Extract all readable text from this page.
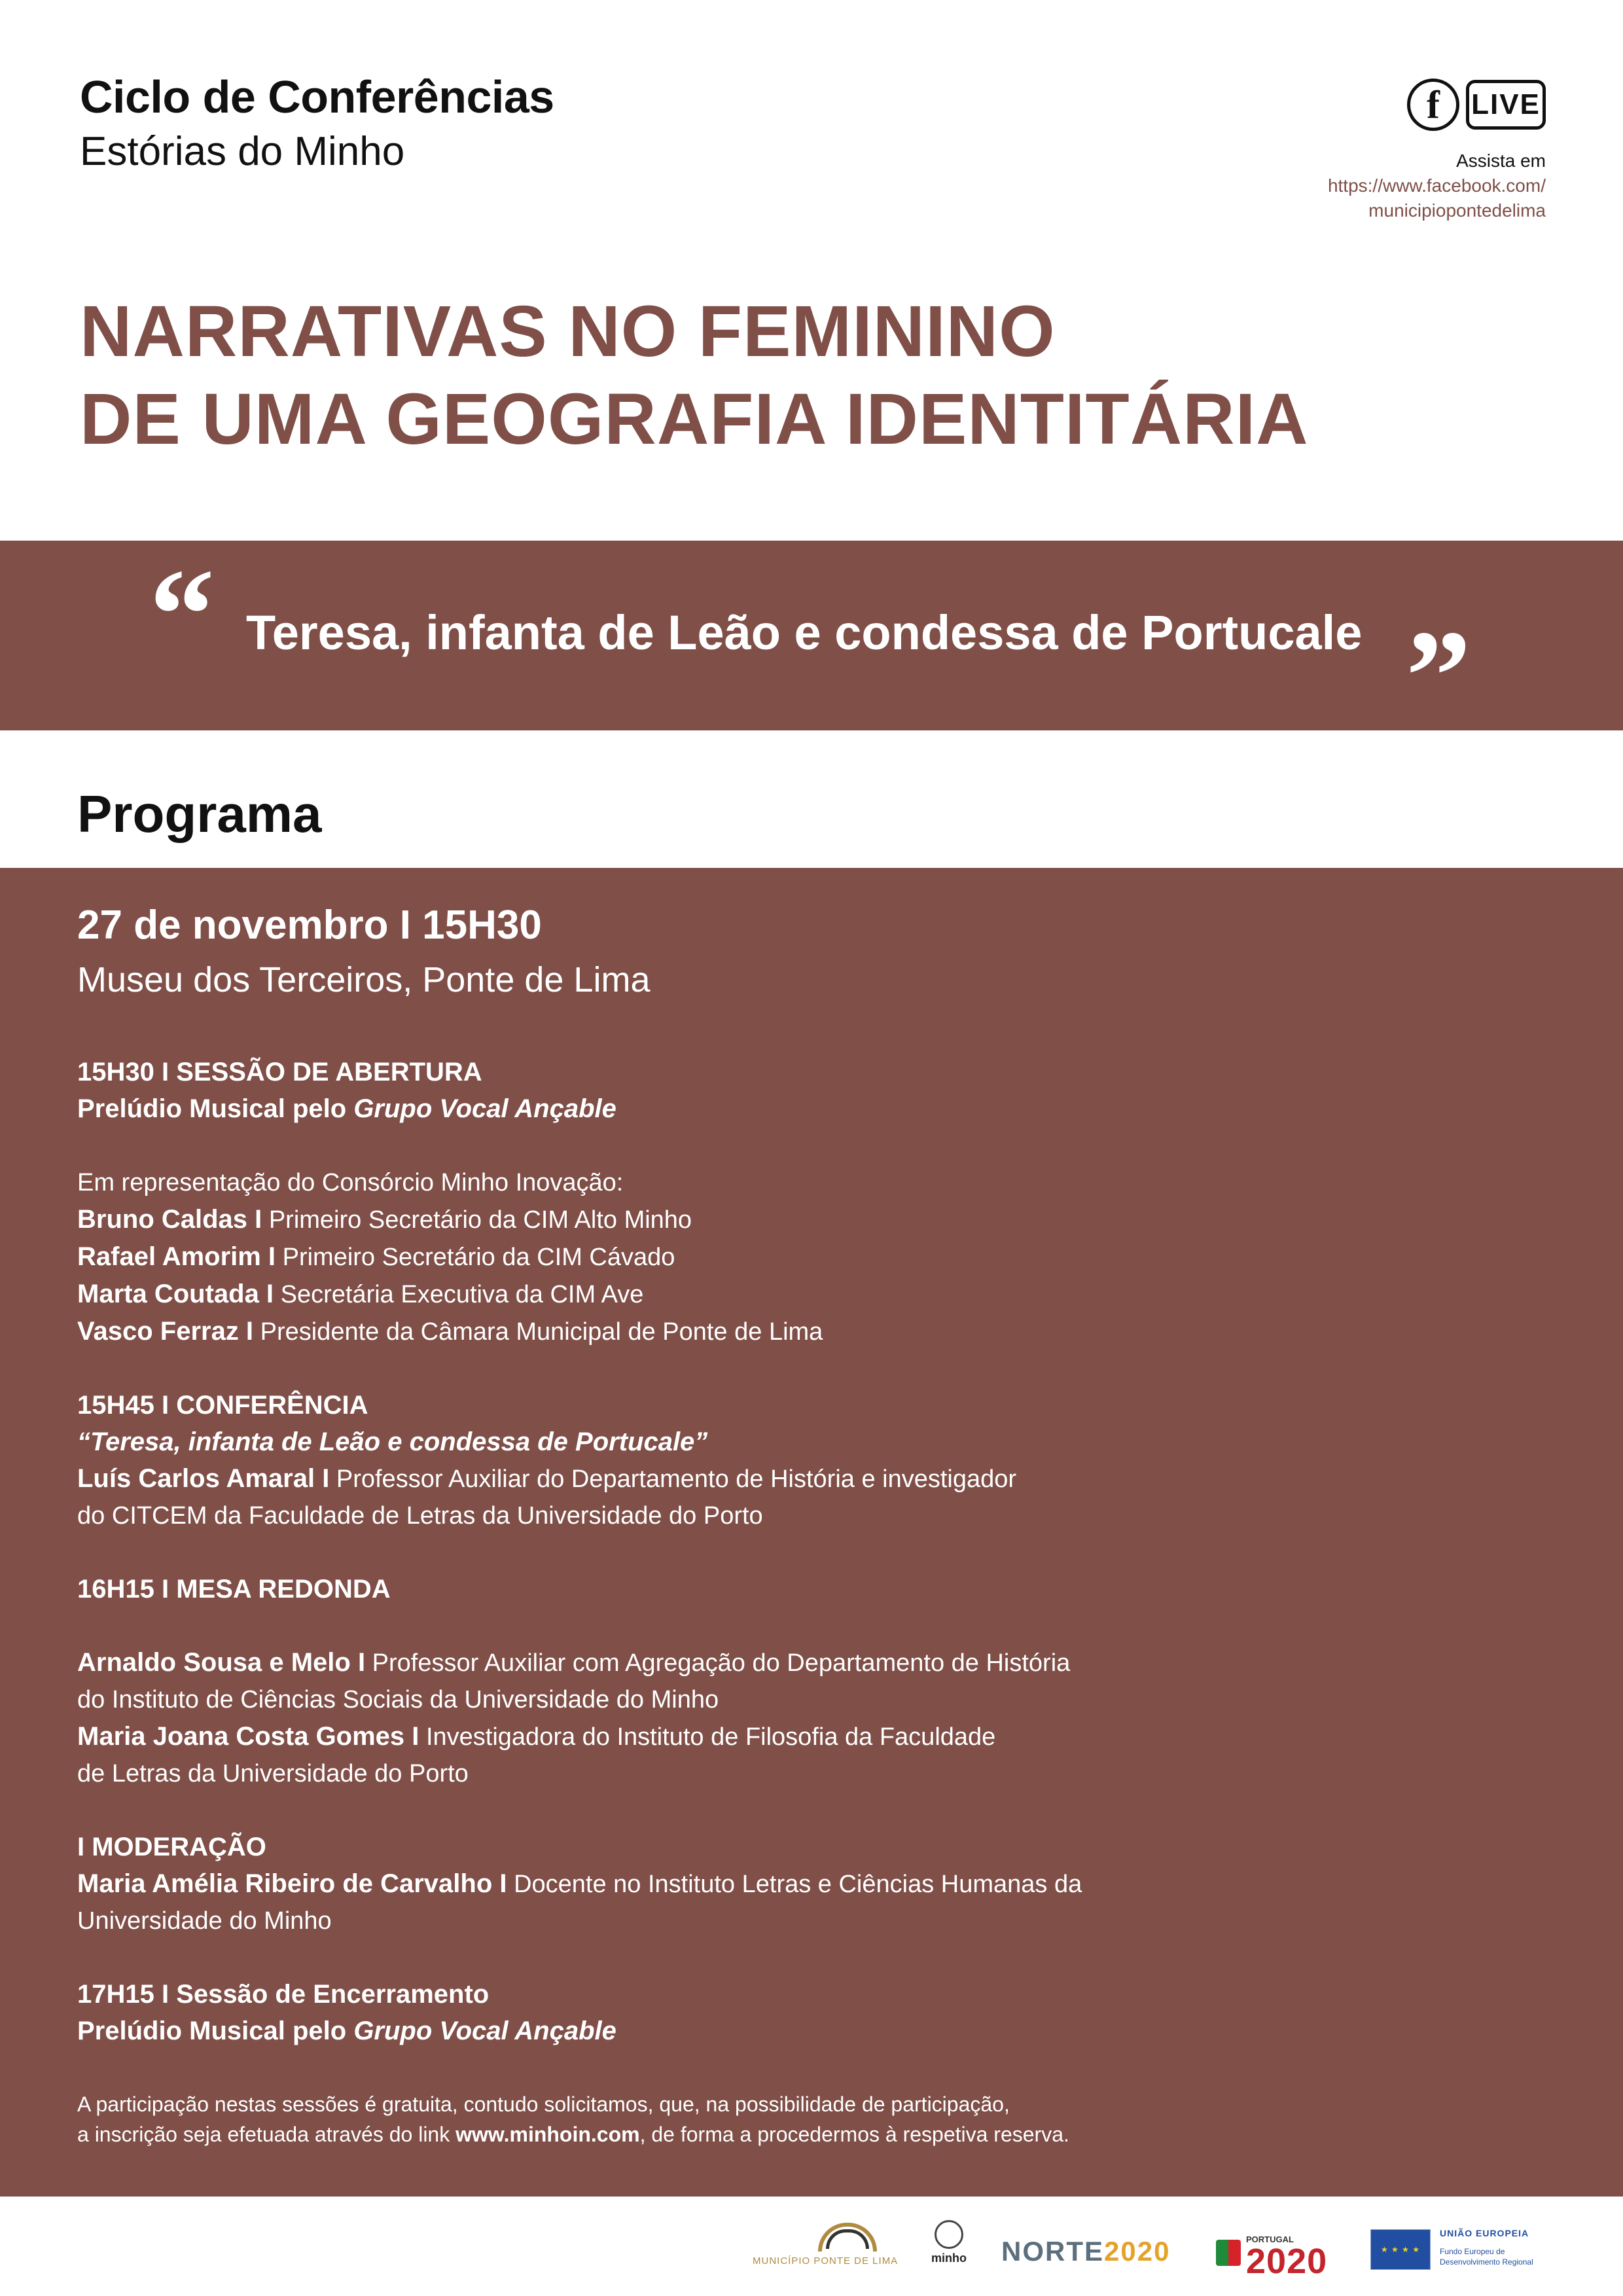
Ciclo de Conferências
Estórias do Minho
f	LIVE
Assista em
https://www.facebook.com/
municipiopontedelima
NARRATIVAS NO FEMININO
DE UMA GEOGRAFIA IDENTITÁRIA
“ Teresa, infanta de Leão e condessa de Portucale ”
Programa
27 de novembro I 15H30
Museu dos Terceiros, Ponte de Lima
15H30 I SESSÃO DE ABERTURA
Prelúdio Musical pelo Grupo Vocal Ançable
Em representação do Consórcio Minho Inovação:
Bruno Caldas I Primeiro Secretário da CIM Alto Minho
Rafael Amorim I Primeiro Secretário da CIM Cávado
Marta Coutada I Secretária Executiva da CIM Ave
Vasco Ferraz I Presidente da Câmara Municipal de Ponte de Lima
15H45 I CONFERÊNCIA
“Teresa, infanta de Leão e condessa de Portucale”
Luís Carlos Amaral I Professor Auxiliar do Departamento de História e investigador
do CITCEM da Faculdade de Letras da Universidade do Porto
16H15 I MESA REDONDA
Arnaldo Sousa e Melo I Professor Auxiliar com Agregação do Departamento de História
do Instituto de Ciências Sociais da Universidade do Minho
Maria Joana Costa Gomes I Investigadora do Instituto de Filosofia da Faculdade
de Letras da Universidade do Porto
I MODERAÇÃO
Maria Amélia Ribeiro de Carvalho I Docente no Instituto Letras e Ciências Humanas da
Universidade do Minho
17H15 I Sessão de Encerramento
Prelúdio Musical pelo Grupo Vocal Ançable
A participação nestas sessões é gratuita, contudo solicitamos, que, na possibilidade de participação,
a inscrição seja efetuada através do link www.minhoin.com, de forma a procedermos à respetiva reserva.
MUNICÍPIO PONTE DE LIMA	minho NORTE2020	PORTUGAL
2020	★ ★ ★ ★
UNIÃO EUROPEIA
Fundo Europeu de Desenvolvimento Regional
